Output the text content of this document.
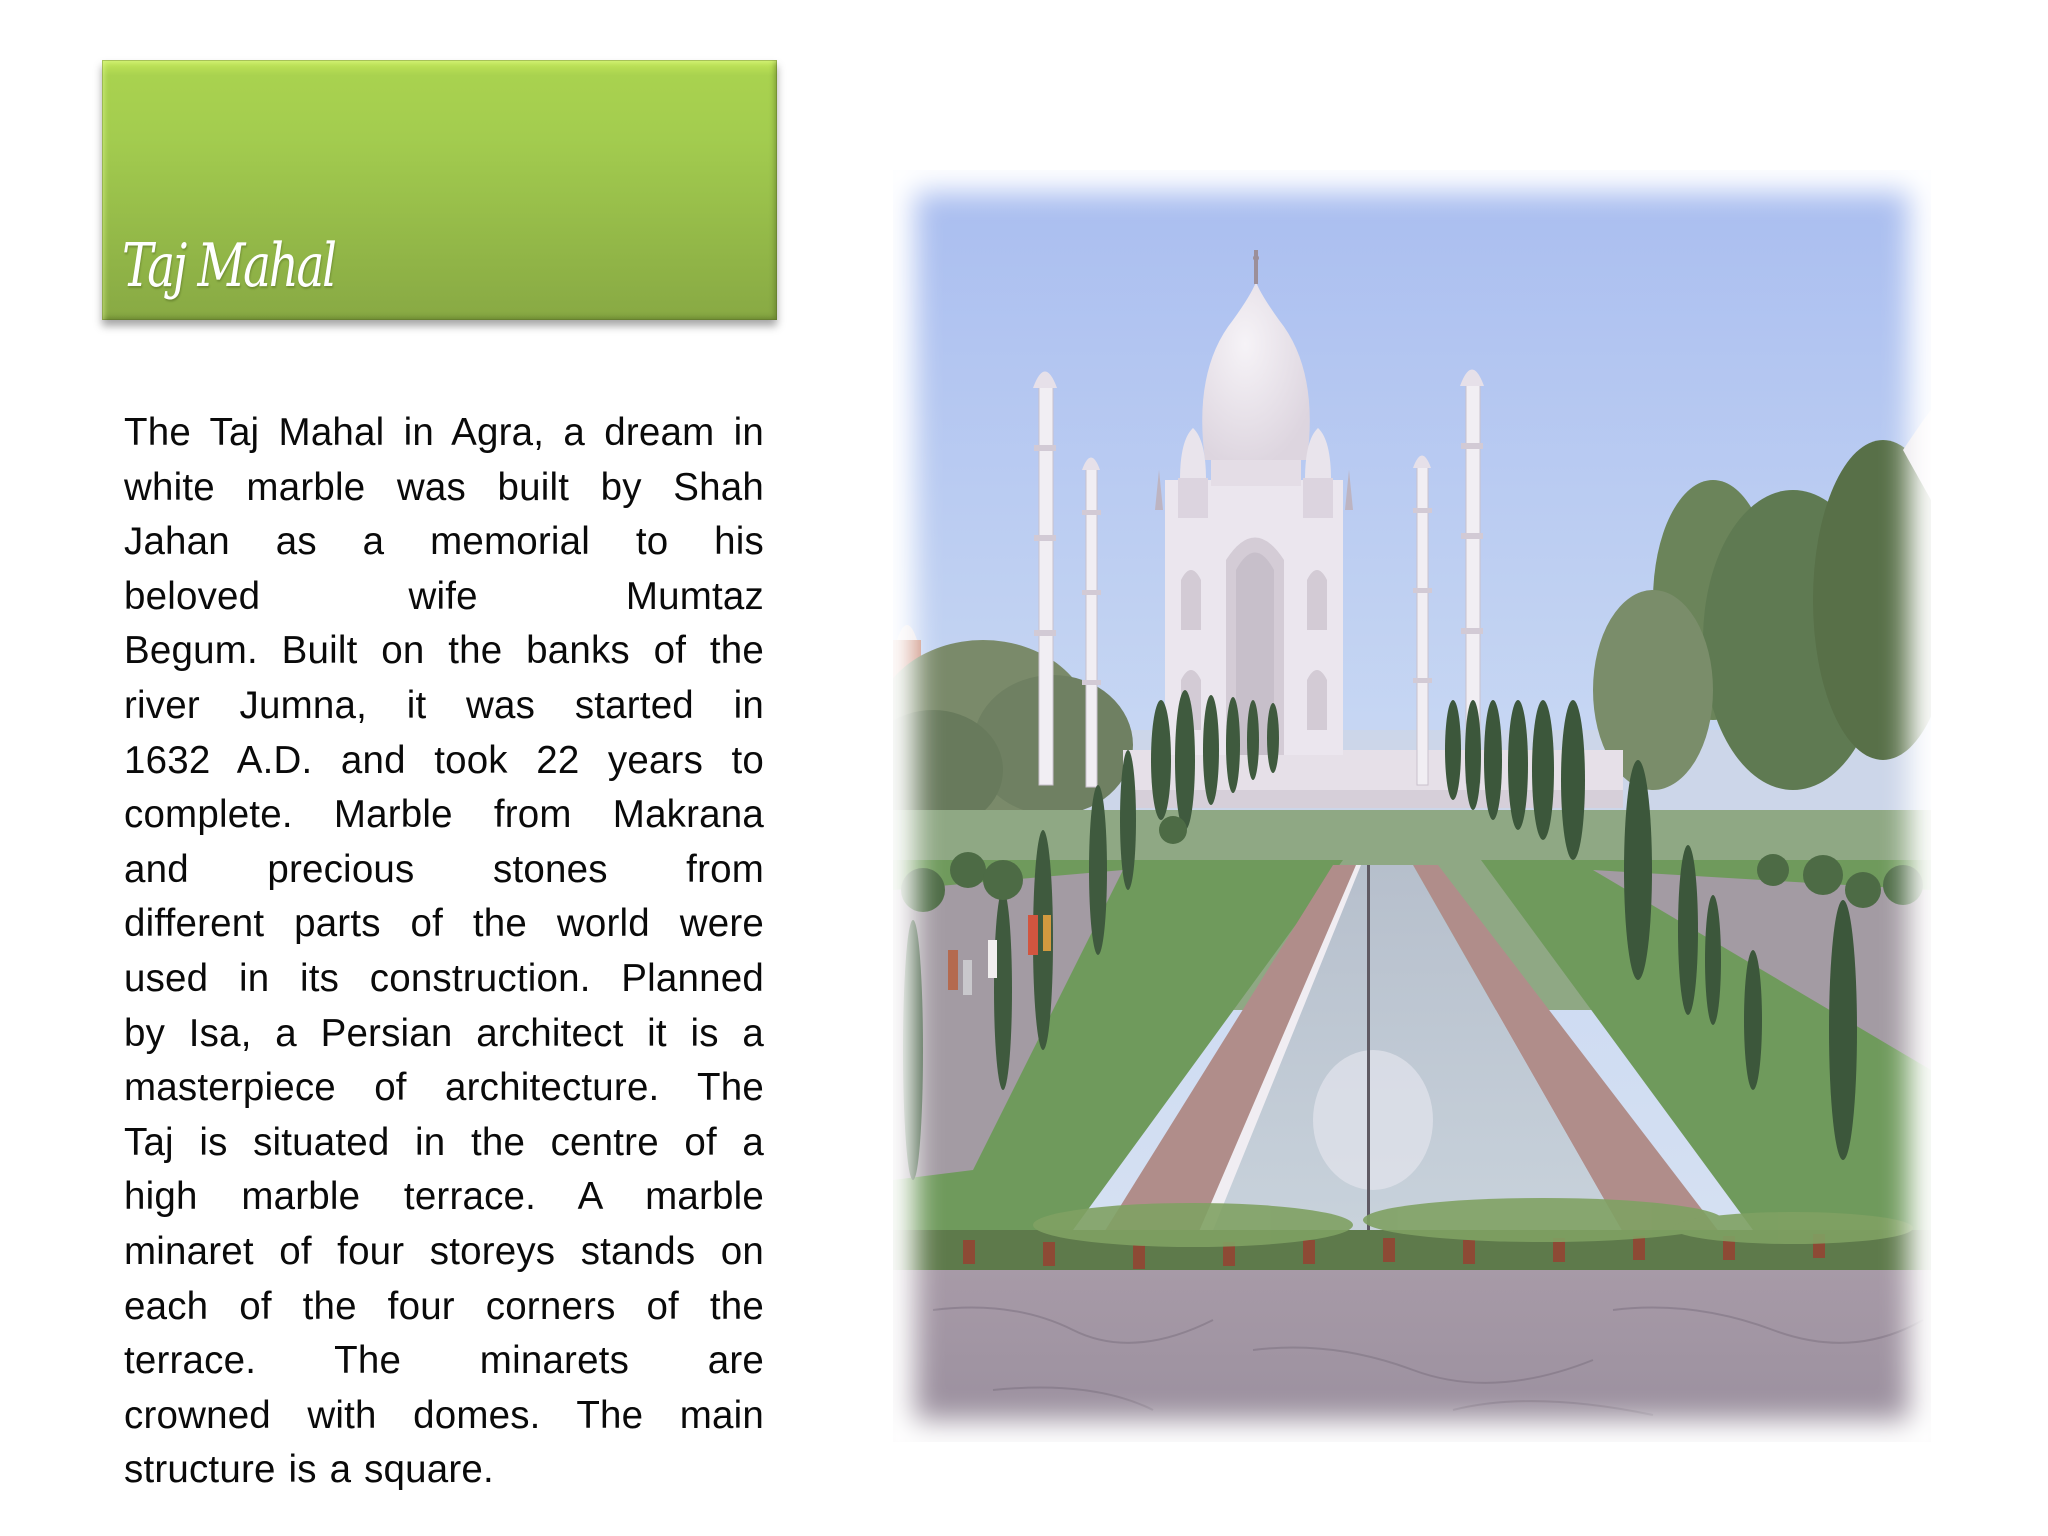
Taj Mahal
The Taj Mahal in Agra, a dream in
white marble was built by Shah
Jahan as a memorial to his
beloved wife Mumtaz
Begum. Built on the banks of the
river Jumna, it was started in
1632 A.D. and took 22 years to
complete. Marble from Makrana
and precious stones from
different parts of the world were
used in its construction. Planned
by Isa, a Persian architect it is a
masterpiece of architecture. The
Taj is situated in the centre of a
high marble terrace. A marble
minaret of four storeys stands on
each of the four corners of the
terrace. The minarets are
crowned with domes. The main
structure is a square.
